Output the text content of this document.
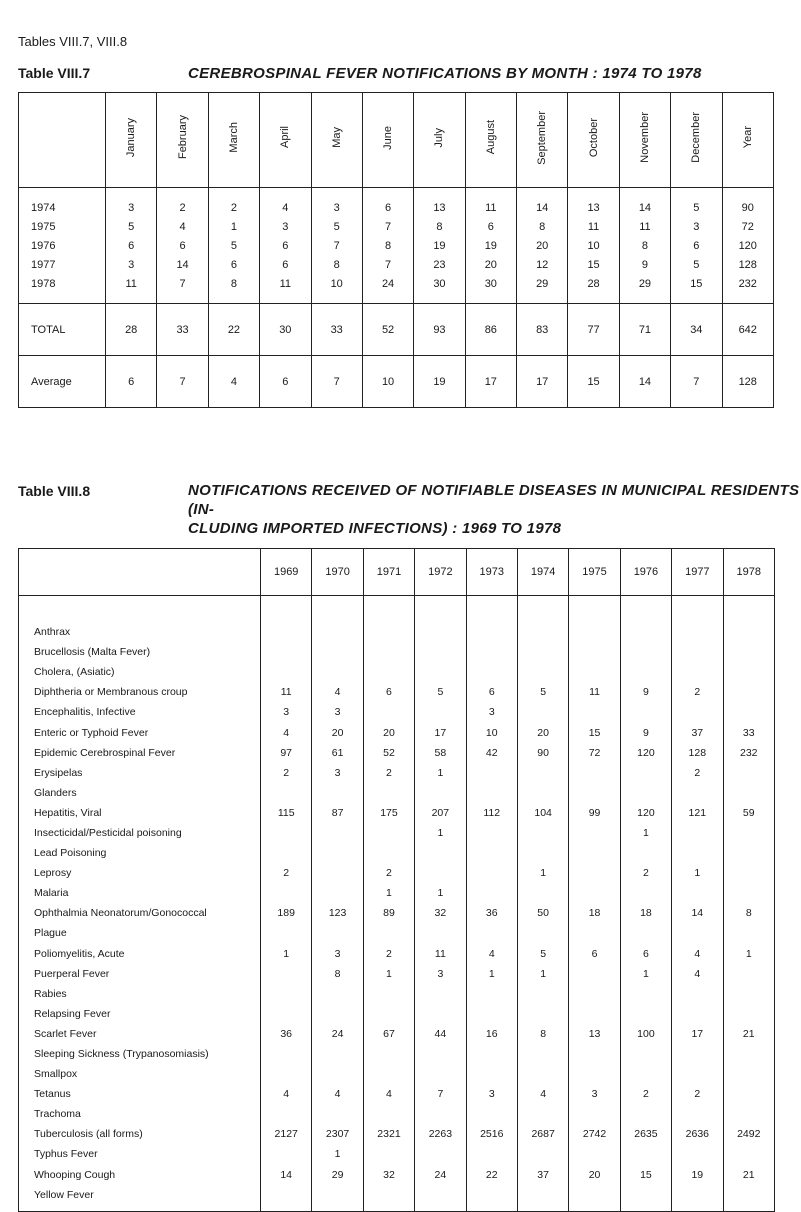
Tables VIII.7, VIII.8
Table VIII.7	CEREBROSPINAL FEVER NOTIFICATIONS BY MONTH : 1974 TO 1978
	January	February	March	April	May	June	July	August	September	October	November	December	Year
1974	3	2	2	4	3	6	13	11	14	13	14	5	90
1975	5	4	1	3	5	7	8	6	8	11	11	3	72
1976	6	6	5	6	7	8	19	19	20	10	8	6	120
1977	3	14	6	6	8	7	23	20	12	15	9	5	128
1978	11	7	8	11	10	24	30	30	29	28	29	15	232
TOTAL	28	33	22	30	33	52	93	86	83	77	71	34	642
Average	6	7	4	6	7	10	19	17	17	15	14	7	128
Table VIII.8	NOTIFICATIONS RECEIVED OF NOTIFIABLE DISEASES IN MUNICIPAL RESIDENTS (IN-
CLUDING IMPORTED INFECTIONS) : 1969 TO 1978
	1969	1970	1971	1972	1973	1974	1975	1976	1977	1978
Anthrax										
Brucellosis (Malta Fever)										
Cholera, (Asiatic)										
Diphtheria or Membranous croup	11	4	6	5	6	5	11	9	2	
Encephalitis, Infective	3	3			3					
Enteric or Typhoid Fever	4	20	20	17	10	20	15	9	37	33
Epidemic Cerebrospinal Fever	97	61	52	58	42	90	72	120	128	232
Erysipelas	2	3	2	1					2	
Glanders										
Hepatitis, Viral	115	87	175	207	112	104	99	120	121	59
Insecticidal/Pesticidal poisoning				1				1		
Lead Poisoning										
Leprosy	2		2			1		2	1	
Malaria			1	1						
Ophthalmia Neonatorum/Gonococcal	189	123	89	32	36	50	18	18	14	8
Plague										
Poliomyelitis, Acute	1	3	2	11	4	5	6	6	4	1
Puerperal Fever		8	1	3	1	1		1	4	
Rabies										
Relapsing Fever										
Scarlet Fever	36	24	67	44	16	8	13	100	17	21
Sleeping Sickness (Trypanosomiasis)										
Smallpox										
Tetanus	4	4	4	7	3	4	3	2	2	
Trachoma										
Tuberculosis (all forms)	2127	2307	2321	2263	2516	2687	2742	2635	2636	2492
Typhus Fever		1								
Whooping Cough	14	29	32	24	22	37	20	15	19	21
Yellow Fever										
